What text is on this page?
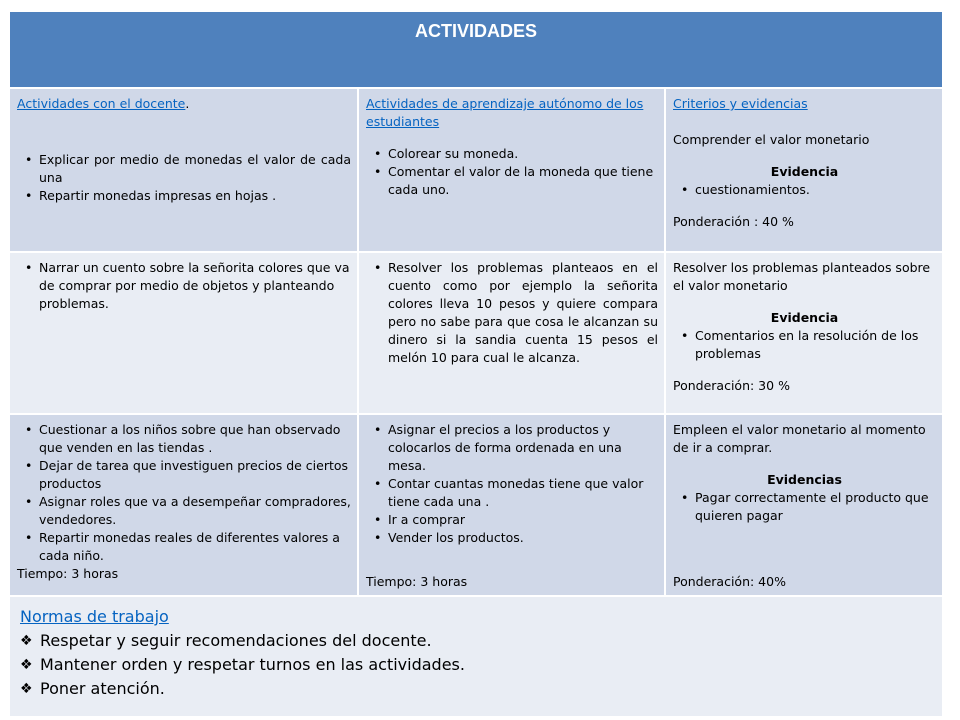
ACTIVIDADES
Actividades con el docente.
• Explicar por medio de monedas el valor de cada una
• Repartir monedas impresas en hojas .
Actividades de aprendizaje autónomo de los estudiantes
• Colorear su moneda.
• Comentar el valor de la moneda que tiene cada uno.
Criterios y evidencias
Comprender el valor monetario
Evidencia
• cuestionamientos.
Ponderación : 40 %
• Narrar un cuento sobre la señorita colores que va de comprar por medio de objetos y planteando problemas.
• Resolver los problemas planteaos en el cuento como por ejemplo la señorita colores lleva 10 pesos y quiere compara pero no sabe para que cosa le alcanzan su dinero si la sandia cuenta 15 pesos el melón 10 para cual le alcanza.
Resolver los problemas planteados sobre el valor monetario
Evidencia
• Comentarios en la resolución de los problemas
Ponderación: 30 %
• Cuestionar a los niños sobre que han observado que venden en las tiendas .
• Dejar de tarea que investiguen precios de ciertos productos
• Asignar roles que va a desempeñar compradores, vendedores.
• Repartir monedas reales de diferentes valores a cada niño.
Tiempo: 3 horas
• Asignar el precios a los productos y colocarlos de forma ordenada en una mesa.
• Contar cuantas monedas tiene que valor tiene cada una .
• Ir a comprar
• Vender los productos.
Tiempo: 3 horas
Empleen el valor monetario al momento de ir a comprar.
Evidencias
• Pagar correctamente el producto que quieren pagar
Ponderación: 40%
Normas de trabajo
❖ Respetar y seguir recomendaciones del docente.
❖ Mantener orden y respetar turnos en las actividades.
❖ Poner atención.
